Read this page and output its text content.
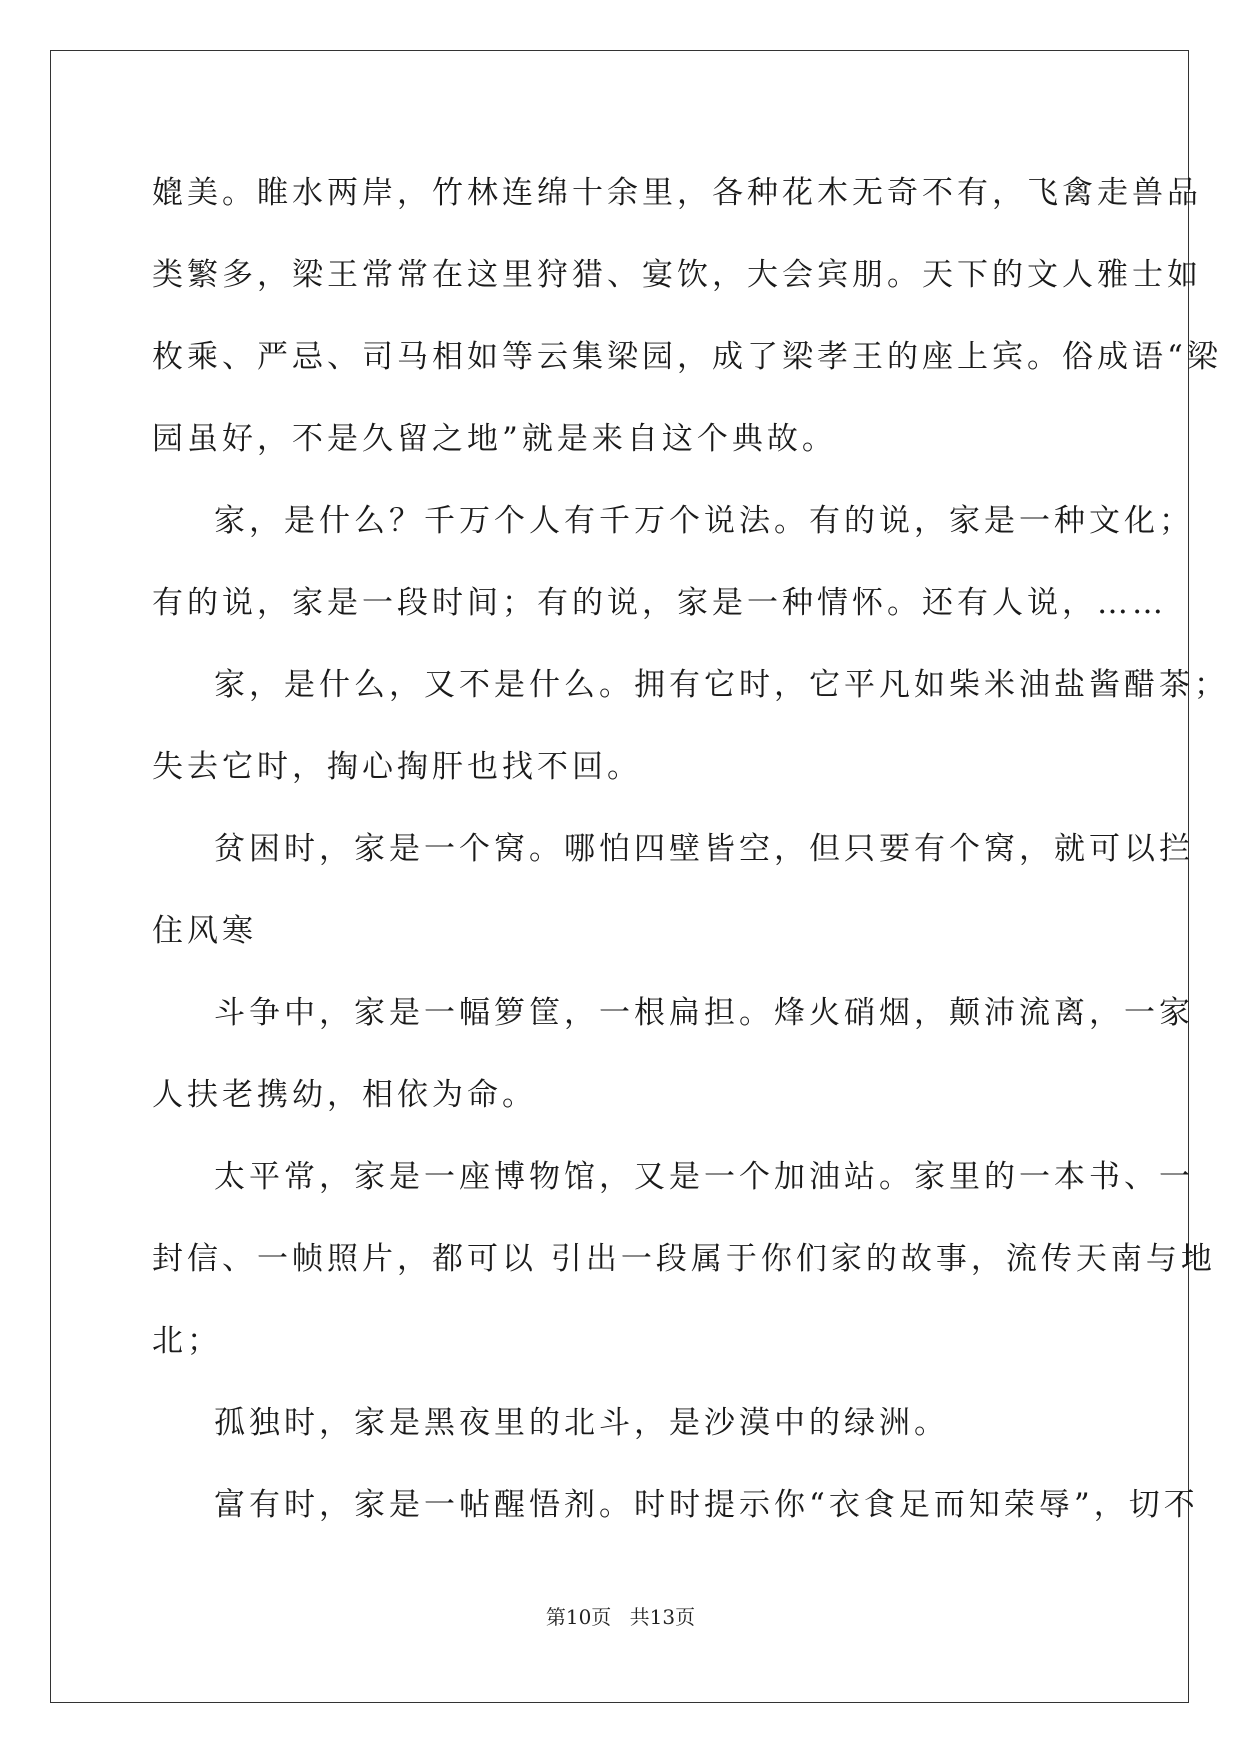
媲美。睢水两岸，竹林连绵十余里，各种花木无奇不有，飞禽走兽品
类繁多，梁王常常在这里狩猎、宴饮，大会宾朋。天下的文人雅士如
枚乘、严忌、司马相如等云集梁园，成了梁孝王的座上宾。俗成语“梁
园虽好，不是久留之地”就是来自这个典故。
家，是什么？千万个人有千万个说法。有的说，家是一种文化；
有的说，家是一段时间；有的说，家是一种情怀。还有人说，……
家，是什么，又不是什么。拥有它时，它平凡如柴米油盐酱醋茶；
失去它时，掏心掏肝也找不回。
贫困时，家是一个窝。哪怕四壁皆空，但只要有个窝，就可以拦
住风寒
斗争中，家是一幅箩筐，一根扁担。烽火硝烟，颠沛流离，一家
人扶老携幼，相依为命。
太平常，家是一座博物馆，又是一个加油站。家里的一本书、一
封信、一帧照片，都可以 引出一段属于你们家的故事，流传天南与地
北；
孤独时，家是黑夜里的北斗，是沙漠中的绿洲。
富有时，家是一帖醒悟剂。时时提示你“衣食足而知荣辱”，切不
第10页 共13页
